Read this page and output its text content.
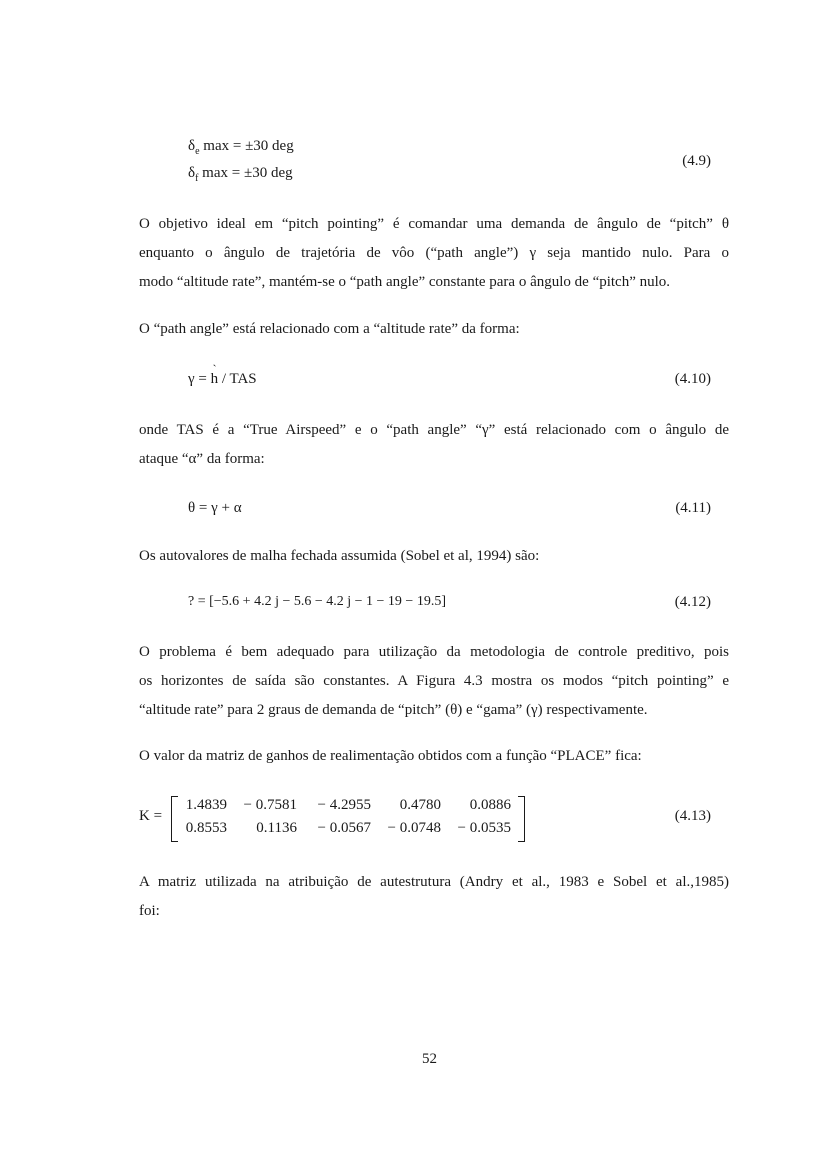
$\delta_e$ max = ±30 deg
$\delta_f$ max = ±30 deg
(4.9)
O objetivo ideal em “pitch pointing” é comandar uma demanda de ângulo de “pitch” θ
enquanto o ângulo de trajetória de vôo (“path angle”) γ seja mantido nulo. Para o
modo “altitude rate”, mantém-se o “path angle” constante para o ângulo de “pitch” nulo.
O “path angle” está relacionado com a “altitude rate” da forma:
γ = h ˋ / TAS	(4.10)
onde TAS é a “True Airspeed” e o “path angle” “γ” está relacionado com o ângulo de
ataque “α” da forma:
θ = γ + α	(4.11)
Os autovalores de malha fechada assumida (Sobel et al, 1994) são:
? = [−5.6 + 4.2 j − 5.6 − 4.2 j − 1 − 19 − 19.5]	(4.12)
O problema é bem adequado para utilização da metodologia de controle preditivo, pois
os horizontes de saída são constantes. A Figura 4.3 mostra os modos “pitch pointing” e
“altitude rate” para 2 graus de demanda de “pitch” (θ) e “gama” (γ) respectivamente.
O valor da matriz de ganhos de realimentação obtidos com a função “PLACE” fica:
K =
1.4839	− 0.7581	− 4.2955	0.4780	0.0886
0.8553	0.1136	− 0.0567	− 0.0748	− 0.0535
(4.13)
A matriz utilizada na atribuição de autestrutura (Andry et al., 1983 e Sobel et al.,1985)
foi:
52
